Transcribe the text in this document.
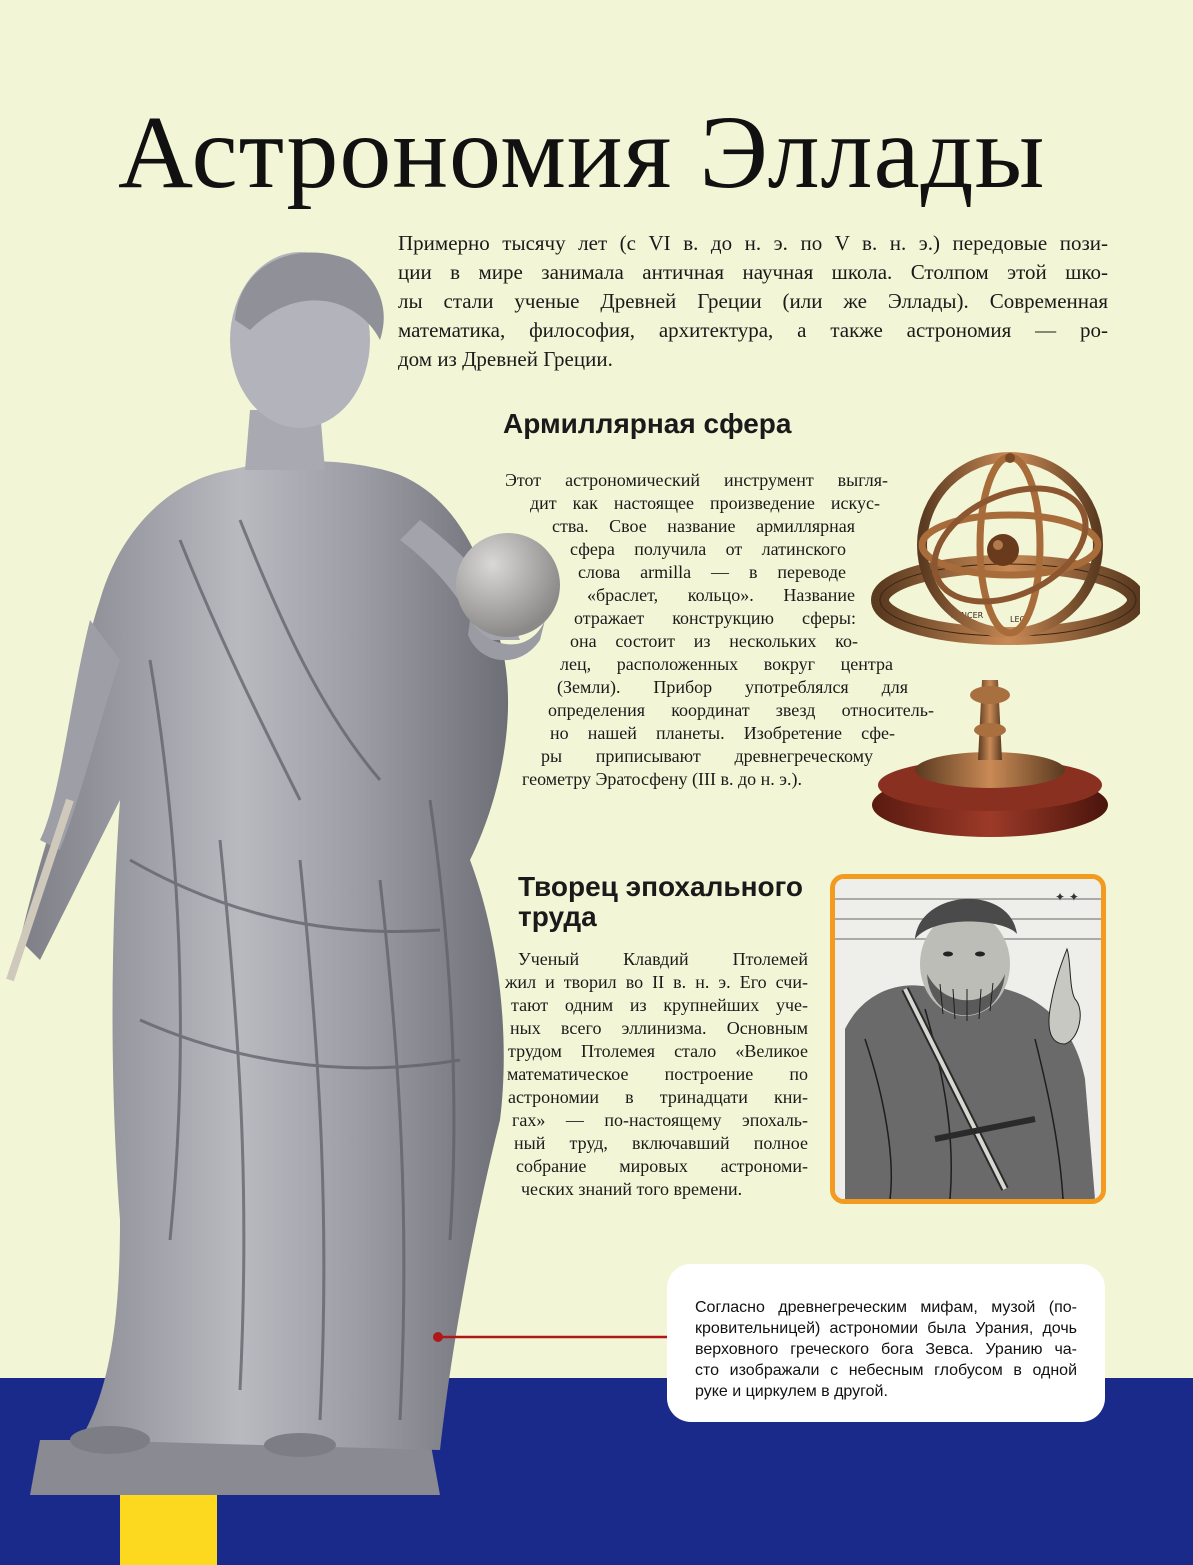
Астрономия Эллады
Примерно тысячу лет (с VI в. до н. э. по V в. н. э.) передовые пози-
ции в мире занимала античная научная школа. Столпом этой шко-
лы стали ученые Древней Греции (или же Эллады). Современная
математика, философия, архитектура, а также астрономия — ро-
дом из Древней Греции.
Армиллярная сфера
Этот астрономический инструмент выгля-
дит как настоящее произведение искус-
ства. Свое название армиллярная
сфера получила от латинского
слова armilla — в переводе
«браслет, кольцо». Название
отражает конструкцию сферы:
она состоит из нескольких ко-
лец, расположенных вокруг центра
(Земли). Прибор употреблялся для
определения координат звезд относитель-
но нашей планеты. Изобретение сфе-
ры приписывают древнегреческому
геометру Эратосфену (III в. до н. э.).
CANCER	LEO
Творец эпохального
труда
Ученый Клавдий Птолемей
жил и творил во II в. н. э. Его счи-
тают одним из крупнейших уче-
ных всего эллинизма. Основным
трудом Птолемея стало «Великое
математическое построение по
астрономии в тринадцати кни-
гах» — по-настоящему эпохаль-
ный труд, включавший полное
собрание мировых астрономи-
ческих знаний того времени.
✦ ✦
Согласно древнегреческим мифам, музой (по-
кровительницей) астрономии была Урания, дочь
верховного греческого бога Зевса. Уранию ча-
сто изображали с небесным глобусом в одной
руке и циркулем в другой.
